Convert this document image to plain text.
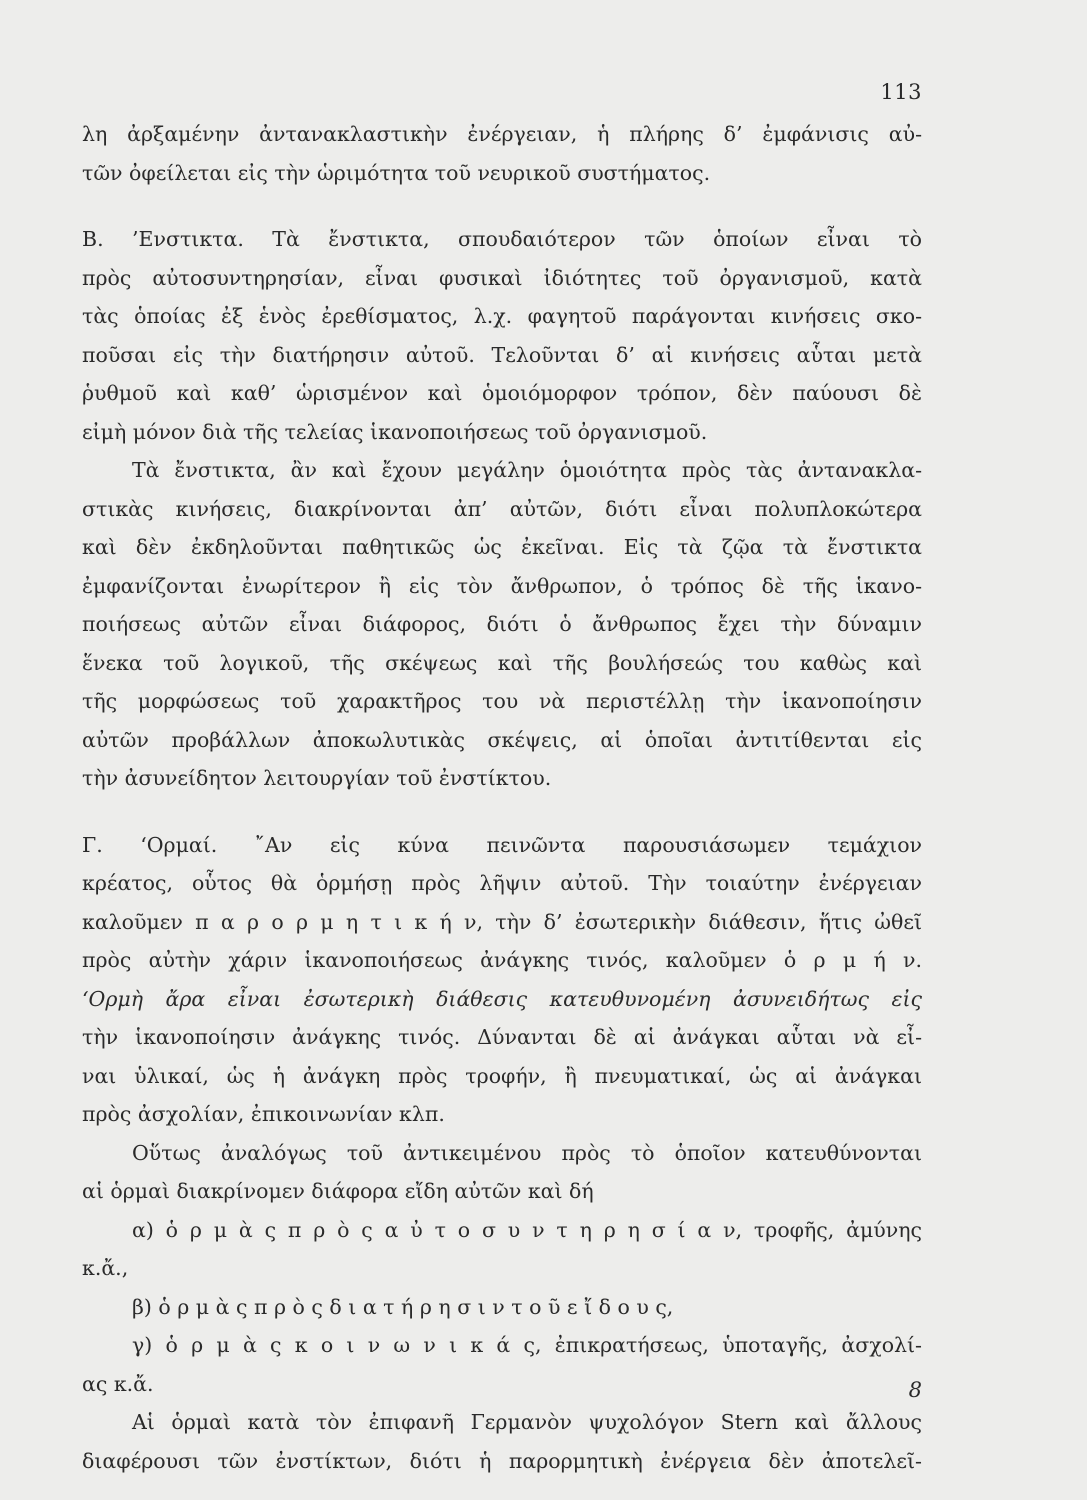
113
λη ἀρξαμένην ἀντανακλαστικὴν ἐνέργειαν, ἡ πλήρης δ’ ἐμφάνισις αὐ-
τῶν ὀφείλεται εἰς τὴν ὡριμότητα τοῦ νευρικοῦ συστήματος.
Β. ’Ενστικτα. Τὰ ἔνστικτα, σπουδαιότερον τῶν ὁποίων εἶναι τὸ
πρὸς αὐτοσυντηρησίαν, εἶναι φυσικαὶ ἰδιότητες τοῦ ὀργανισμοῦ, κατὰ
τὰς ὁποίας ἐξ ἑνὸς ἐρεθίσματος, λ.χ. φαγητοῦ παράγονται κινήσεις σκο-
ποῦσαι εἰς τὴν διατήρησιν αὐτοῦ. Τελοῦνται δ’ αἱ κινήσεις αὗται μετὰ
ῥυθμοῦ καὶ καθ’ ὡρισμένον καὶ ὁμοιόμορφον τρόπον, δὲν παύουσι δὲ
εἰμὴ μόνον διὰ τῆς τελείας ἱκανοποιήσεως τοῦ ὀργανισμοῦ.
Τὰ ἔνστικτα, ἂν καὶ ἔχουν μεγάλην ὁμοιότητα πρὸς τὰς ἀντανακλα-
στικὰς κινήσεις, διακρίνονται ἀπ’ αὐτῶν, διότι εἶναι πολυπλοκώτερα
καὶ δὲν ἐκδηλοῦνται παθητικῶς ὡς ἐκεῖναι. Εἰς τὰ ζῷα τὰ ἔνστικτα
ἐμφανίζονται ἐνωρίτερον ἢ εἰς τὸν ἄνθρωπον, ὁ τρόπος δὲ τῆς ἱκανο-
ποιήσεως αὐτῶν εἶναι διάφορος, διότι ὁ ἄνθρωπος ἔχει τὴν δύναμιν
ἕνεκα τοῦ λογικοῦ, τῆς σκέψεως καὶ τῆς βουλήσεώς του καθὼς καὶ
τῆς μορφώσεως τοῦ χαρακτῆρος του νὰ περιστέλλῃ τὴν ἱκανοποίησιν
αὐτῶν προβάλλων ἀποκωλυτικὰς σκέψεις, αἱ ὁποῖαι ἀντιτίθενται εἰς
τὴν ἀσυνείδητον λειτουργίαν τοῦ ἐνστίκτου.
Γ. ‘Ορμαί. ῎Αν εἰς κύνα πεινῶντα παρουσιάσωμεν τεμάχιον
κρέατος, οὗτος θὰ ὁρμήσῃ πρὸς λῆψιν αὐτοῦ. Τὴν τοιαύτην ἐνέργειαν
καλοῦμεν π α ρ ο ρ μ η τ ι κ ή ν, τὴν δ’ ἐσωτερικὴν διάθεσιν, ἥτις ὠθεῖ
πρὸς αὐτὴν χάριν ἱκανοποιήσεως ἀνάγκης τινός, καλοῦμεν ὁ ρ μ ή ν.
‘Ορμὴ ἄρα εἶναι ἐσωτερικὴ διάθεσις κατευθυνομένη ἀσυνειδήτως εἰς
τὴν ἱκανοποίησιν ἀνάγκης τινός. Δύνανται δὲ αἱ ἀνάγκαι αὗται νὰ εἶ-
ναι ὑλικαί, ὡς ἡ ἀνάγκη πρὸς τροφήν, ἢ πνευματικαί, ὡς αἱ ἀνάγκαι
πρὸς ἀσχολίαν, ἐπικοινωνίαν κλπ.
Οὕτως ἀναλόγως τοῦ ἀντικειμένου πρὸς τὸ ὁποῖον κατευθύνονται
αἱ ὁρμαὶ διακρίνομεν διάφορα εἴδη αὐτῶν καὶ δή
α) ὁ ρ μ ὰ ς π ρ ὸ ς α ὐ τ ο σ υ ν τ η ρ η σ ί α ν, τροφῆς, ἀμύνης
κ.ἄ.,
β) ὁ ρ μ ὰ ς π ρ ὸ ς δ ι α τ ή ρ η σ ι ν τ ο ῦ ε ἴ δ ο υ ς,
γ) ὁ ρ μ ὰ ς κ ο ι ν ω ν ι κ ά ς, ἐπικρατήσεως, ὑποταγῆς, ἀσχολί-
ας κ.ἄ.
Αἱ ὁρμαὶ κατὰ τὸν ἐπιφανῆ Γερμανὸν ψυχολόγον Stern καὶ ἄλλους
διαφέρουσι τῶν ἐνστίκτων, διότι ἡ παρορμητικὴ ἐνέργεια δὲν ἀποτελεῖ-
8
